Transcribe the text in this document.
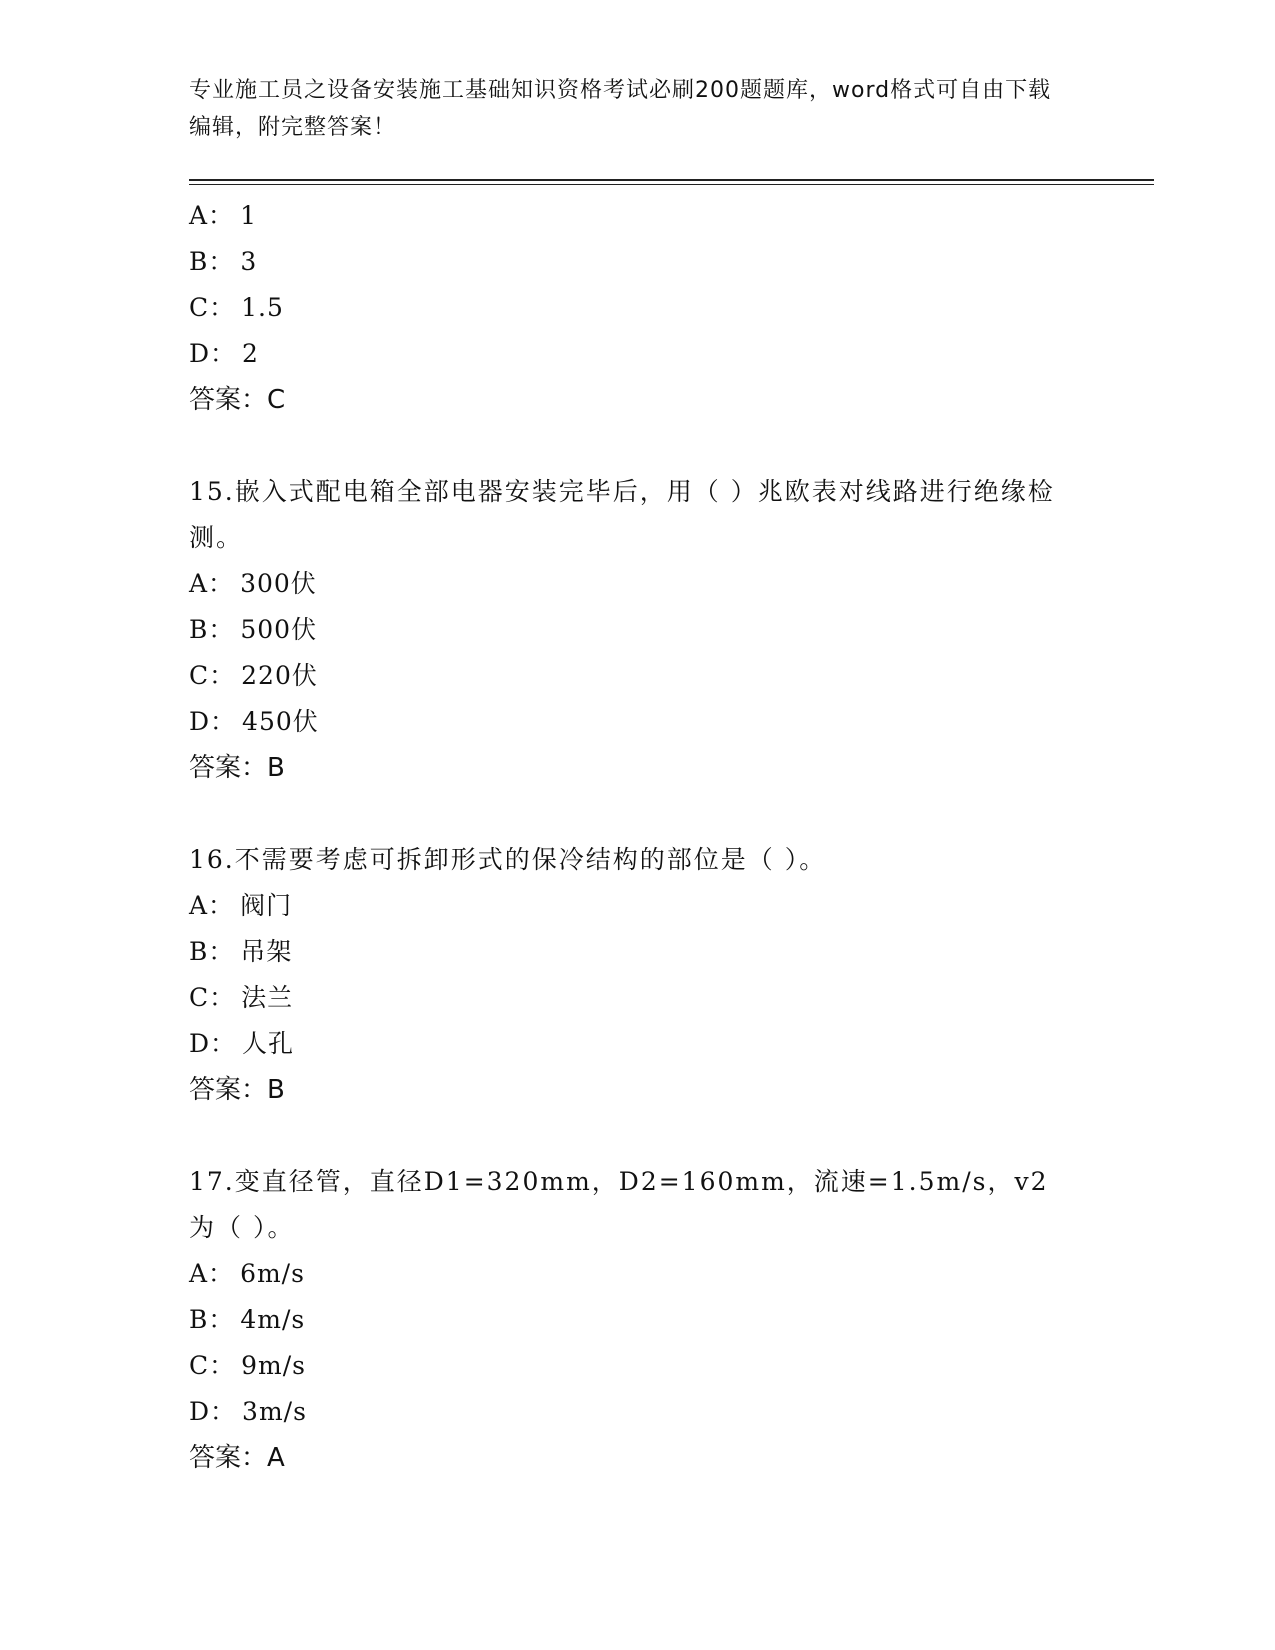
专业施工员之设备安装施工基础知识资格考试必刷200题题库，word格式可自由下载编辑，附完整答案！
A： 1
B： 3
C： 1.5
D： 2
答案：C
15.嵌入式配电箱全部电器安装完毕后，用（ ）兆欧表对线路进行绝缘检测。
A： 300伏
B： 500伏
C： 220伏
D： 450伏
答案：B
16.不需要考虑可拆卸形式的保冷结构的部位是（ ）。
A： 阀门
B： 吊架
C： 法兰
D： 人孔
答案：B
17.变直径管，直径D1=320mm，D2=160mm，流速=1.5m/s，v2为（ ）。
A： 6m/s
B： 4m/s
C： 9m/s
D： 3m/s
答案：A
